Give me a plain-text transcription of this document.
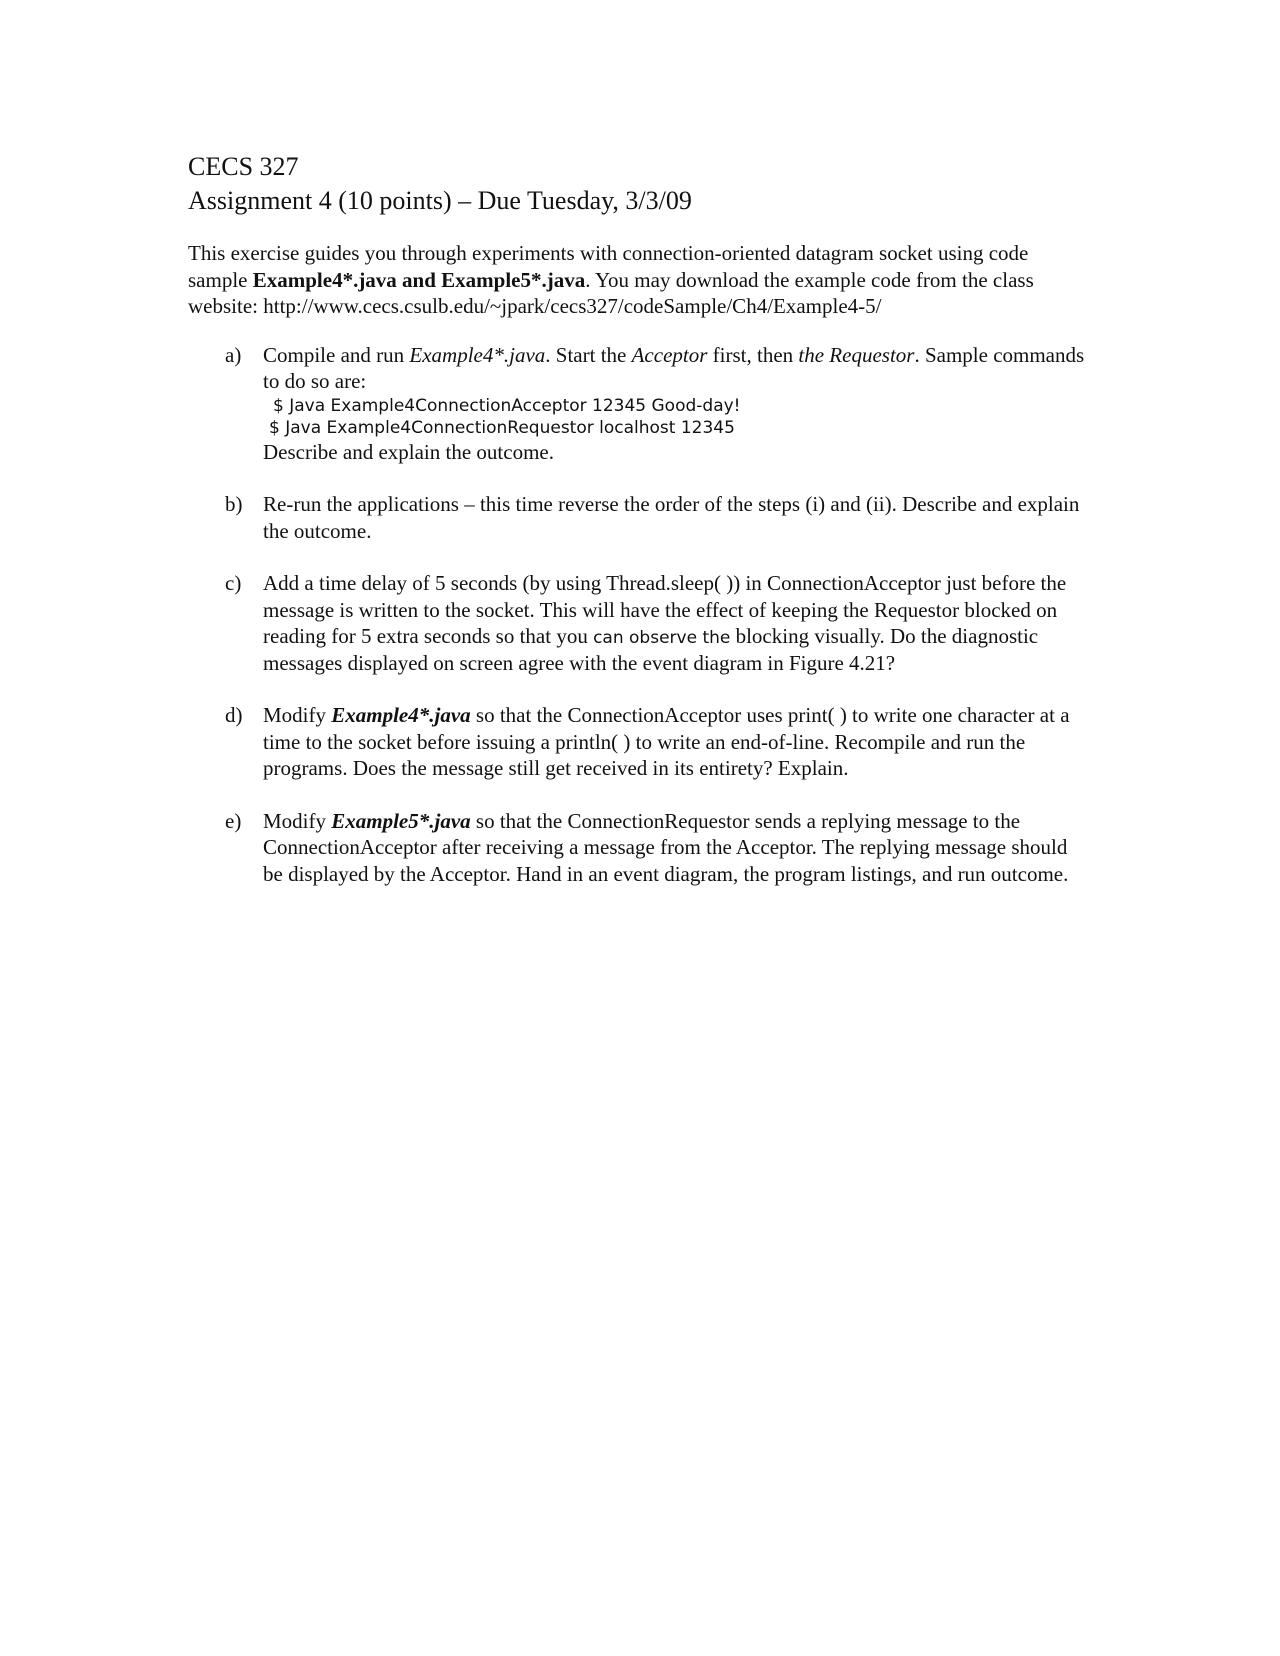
CECS 327
Assignment 4 (10 points) – Due Tuesday, 3/3/09

This exercise guides you through experiments with connection-oriented datagram socket using code sample Example4*.java and Example5*.java. You may download the example code from the class website: http://www.cecs.csulb.edu/~jpark/cecs327/codeSample/Ch4/Example4-5/

a) Compile and run Example4*.java. Start the Acceptor first, then the Requestor. Sample commands to do so are:
$ Java Example4ConnectionAcceptor 12345 Good-day!
$ Java Example4ConnectionRequestor localhost 12345
Describe and explain the outcome.
b) Re-run the applications – this time reverse the order of the steps (i) and (ii). Describe and explain the outcome.
c) Add a time delay of 5 seconds (by using Thread.sleep( )) in ConnectionAcceptor just before the message is written to the socket. This will have the effect of keeping the Requestor blocked on reading for 5 extra seconds so that you can observe the blocking visually. Do the diagnostic messages displayed on screen agree with the event diagram in Figure 4.21?
d) Modify Example4*.java so that the ConnectionAcceptor uses print( ) to write one character at a time to the socket before issuing a println( ) to write an end-of-line. Recompile and run the programs. Does the message still get received in its entirety? Explain.
e) Modify Example5*.java so that the ConnectionRequestor sends a replying message to the ConnectionAcceptor after receiving a message from the Acceptor. The replying message should be displayed by the Acceptor. Hand in an event diagram, the program listings, and run outcome.
